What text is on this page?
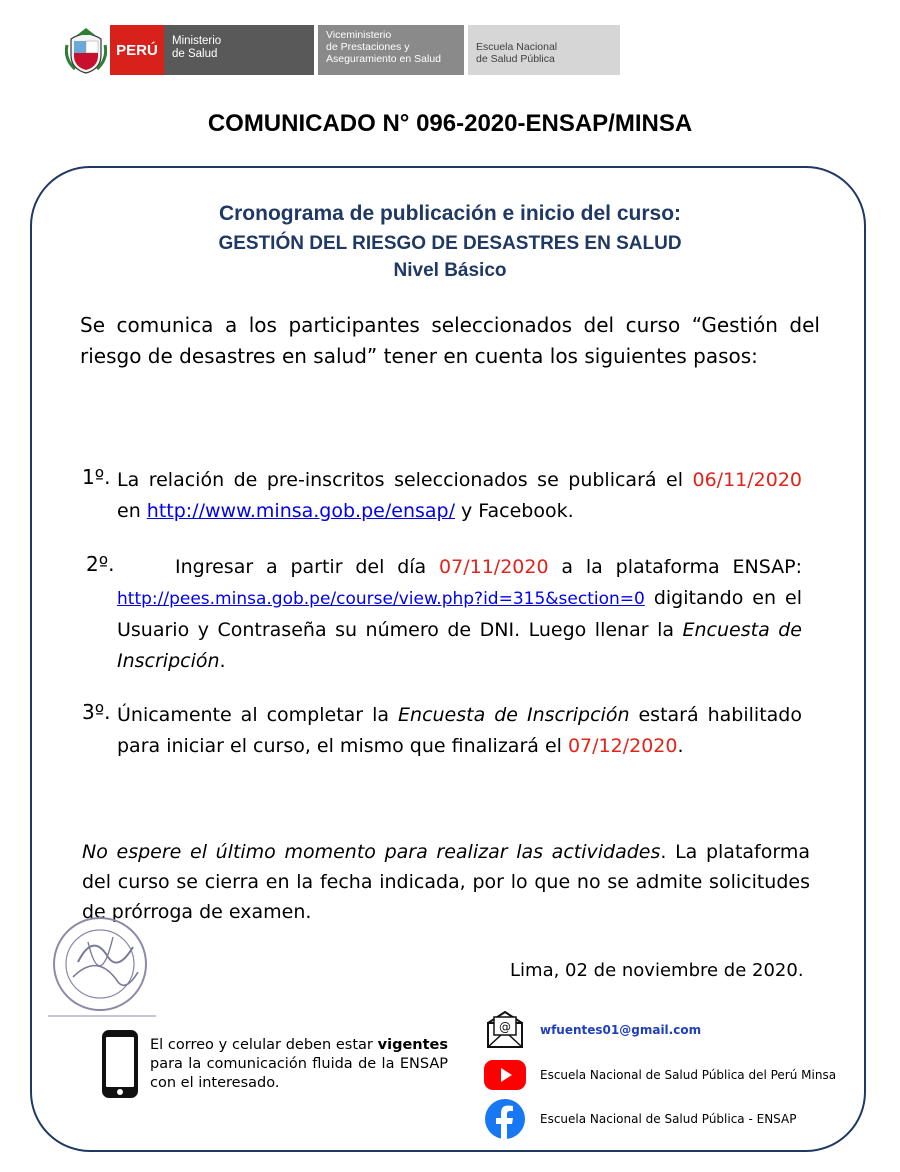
PERÚ
Ministerio
de Salud
Viceministerio
de Prestaciones y
Aseguramiento en Salud
Escuela Nacional
de Salud Pública
COMUNICADO N° 096-2020-ENSAP/MINSA
Cronograma de publicación e inicio del curso:
GESTIÓN DEL RIESGO DE DESASTRES EN SALUD
Nivel Básico
Se comunica a los participantes seleccionados del curso “Gestión del riesgo de desastres en salud” tener en cuenta los siguientes pasos:
1º. La relación de pre-inscritos seleccionados se publicará el 06/11/2020 en http://www.minsa.gob.pe/ensap/ y Facebook.
2º.	Ingresar a partir del día 07/11/2020 a la plataforma ENSAP: http://pees.minsa.gob.pe/course/view.php?id=315&section=0 digitando en el Usuario y Contraseña su número de DNI. Luego llenar la Encuesta de Inscripción.
3º. Únicamente al completar la Encuesta de Inscripción estará habilitado para iniciar el curso, el mismo que finalizará el 07/12/2020.
No espere el último momento para realizar las actividades. La plataforma del curso se cierra en la fecha indicada, por lo que no se admite solicitudes de prórroga de examen.
Lima, 02 de noviembre de 2020.
El correo y celular deben estar vigentes para la comunicación fluida de la ENSAP con el interesado.
@ wfuentes01@gmail.com
Escuela Nacional de Salud Pública del Perú Minsa
Escuela Nacional de Salud Pública - ENSAP
